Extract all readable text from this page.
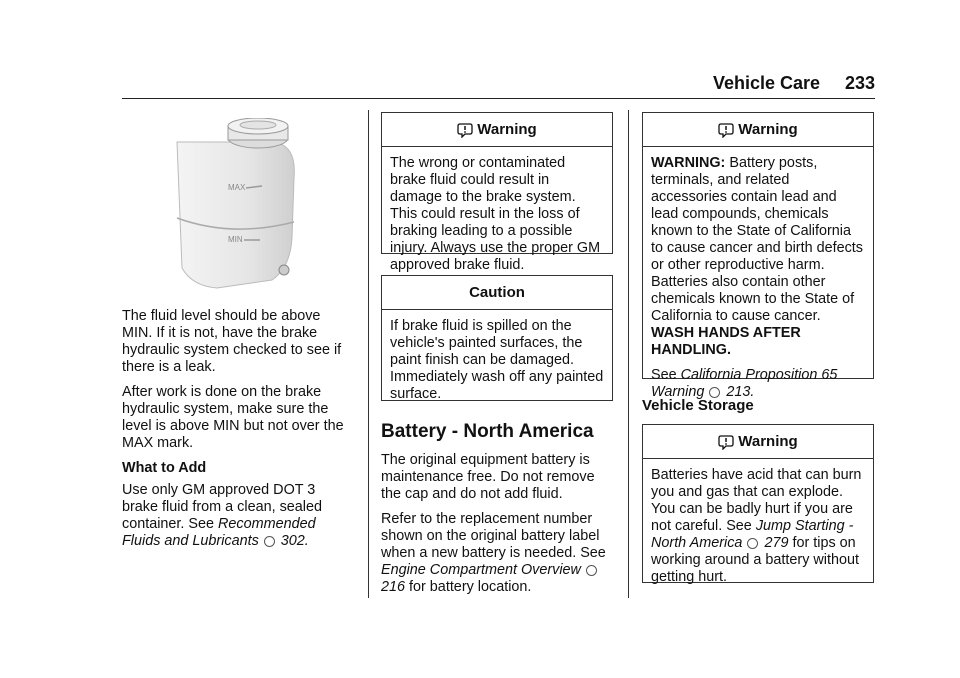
Vehicle Care 233
MAX
MIN

The fluid level should be above MIN. If it is not, have the brake hydraulic system checked to see if there is a leak.

After work is done on the brake hydraulic system, make sure the level is above MIN but not over the MAX mark.

What to Add

Use only GM approved DOT 3 brake fluid from a clean, sealed container. See Recommended Fluids and Lubricants 302.

Warning

The wrong or contaminated brake fluid could result in damage to the brake system. This could result in the loss of braking leading to a possible injury. Always use the proper GM approved brake fluid.

Caution

If brake fluid is spilled on the vehicle's painted surfaces, the paint finish can be damaged. Immediately wash off any painted surface.

Battery - North America

The original equipment battery is maintenance free. Do not remove the cap and do not add fluid.

Refer to the replacement number shown on the original battery label when a new battery is needed. See Engine Compartment Overview  216 for battery location.

Warning

WARNING: Battery posts, terminals, and related accessories contain lead and lead compounds, chemicals known to the State of California to cause cancer and birth defects or other reproductive harm. Batteries also contain other chemicals known to the State of California to cause cancer. WASH HANDS AFTER HANDLING.

See California Proposition 65 Warning 213.

Vehicle Storage
Warning

Batteries have acid that can burn you and gas that can explode. You can be badly hurt if you are not careful. See Jump Starting - North America 279 for tips on working around a battery without getting hurt.
